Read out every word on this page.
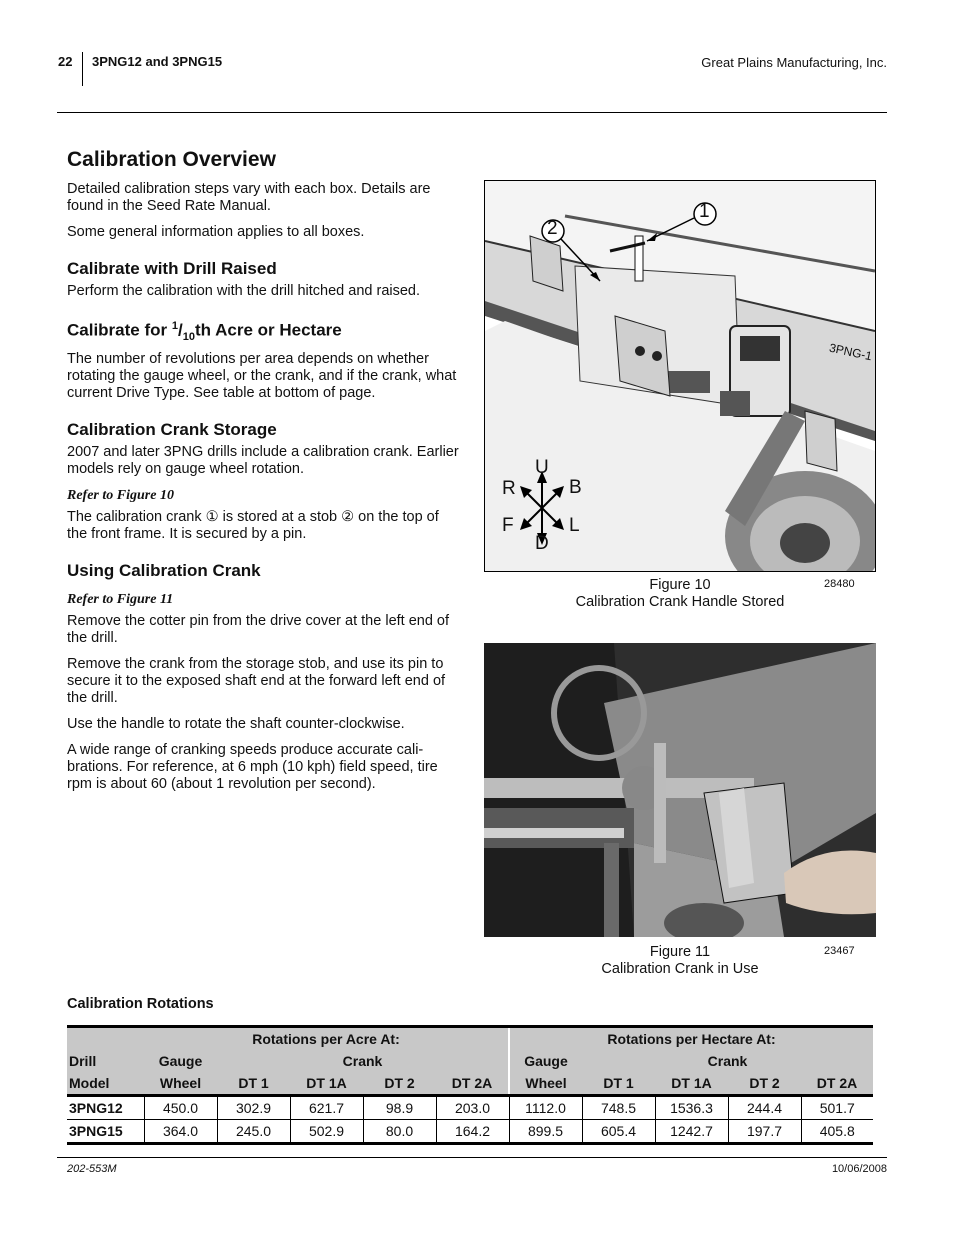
22 3PNG12 and 3PNG15	Great Plains Manufacturing, Inc.
Calibration Overview

Detailed calibration steps vary with each box. Details are found in the Seed Rate Manual.

Some general information applies to all boxes.

Calibrate with Drill Raised

Perform the calibration with the drill hitched and raised.

Calibrate for $^1/_{10}th$ Acre or Hectare

The number of revolutions per area depends on whether rotating the gauge wheel, or the crank, and if the crank, what current Drive Type. See table at bottom of page.

Calibration Crank Storage

2007 and later 3PNG drills include a calibration crank. Earlier models rely on gauge wheel rotation.

Refer to Figure 10

The calibration crank ① is stored at a stob ② on the top of the front frame. It is secured by a pin.

Using Calibration Crank
Refer to Figure 11

Remove the cotter pin from the drive cover at the left end of the drill.

Remove the crank from the storage stob, and use its pin to secure it to the exposed shaft end at the forward left end of the drill.

Use the handle to rotate the shaft counter-clockwise.

A wide range of cranking speeds produce accurate cali-brations. For reference, at 6 mph (10 kph) field speed, tire rpm is about 60 (about 1 revolution per second).

1
2
3PNG-1
U
D
R	B
F	L
Figure 10
Calibration Crank Handle Stored
28480
Figure 11
Calibration Crank in Use
23467
Calibration Rotations
	Rotations per Acre At:					Rotations per Hectare At:				
Drill	Gauge	Crank				Gauge	Crank			
Model	Wheel	DT 1	DT 1A	DT 2	DT 2A	Wheel	DT 1	DT 1A	DT 2	DT 2A
3PNG12	450.0	302.9	621.7	98.9	203.0	1112.0	748.5	1536.3	244.4	501.7
3PNG15	364.0	245.0	502.9	80.0	164.2	899.5	605.4	1242.7	197.7	405.8
202-553M	10/06/2008
